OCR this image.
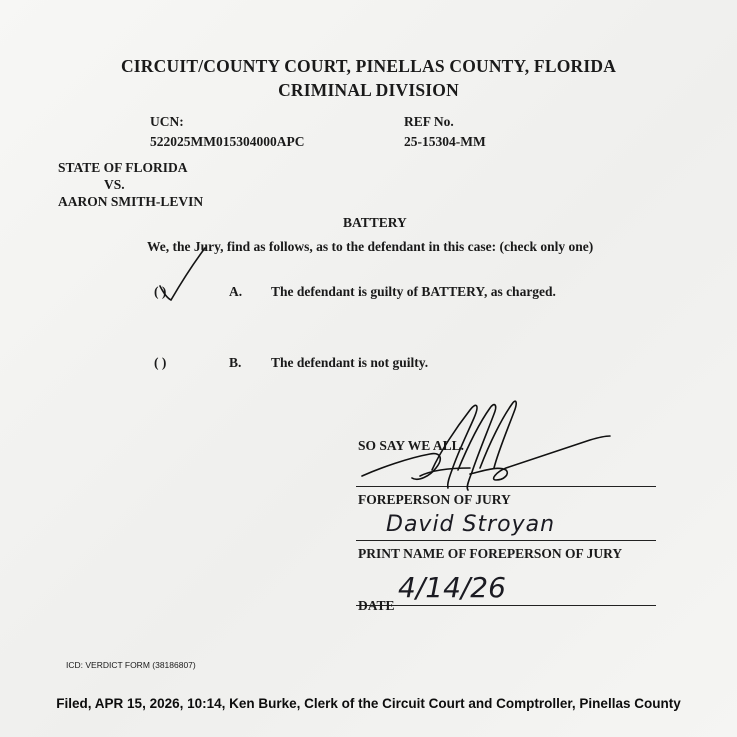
CIRCUIT/COUNTY COURT, PINELLAS COUNTY, FLORIDA
CRIMINAL DIVISION
UCN:
522025MM015304000APC
REF No.
25-15304-MM
STATE OF FLORIDA
VS.
AARON SMITH-LEVIN
BATTERY
We, the Jury, find as follows, as to the defendant in this case: (check only one)
( )	A. The defendant is guilty of BATTERY, as charged.
( )	B. The defendant is not guilty.
SO SAY WE ALL.
FOREPERSON OF JURY
David Stroyan
PRINT NAME OF FOREPERSON OF JURY
4/14/26
DATE
ICD: VERDICT FORM (38186807)
Filed, APR 15, 2026, 10:14, Ken Burke, Clerk of the Circuit Court and Comptroller, Pinellas County
